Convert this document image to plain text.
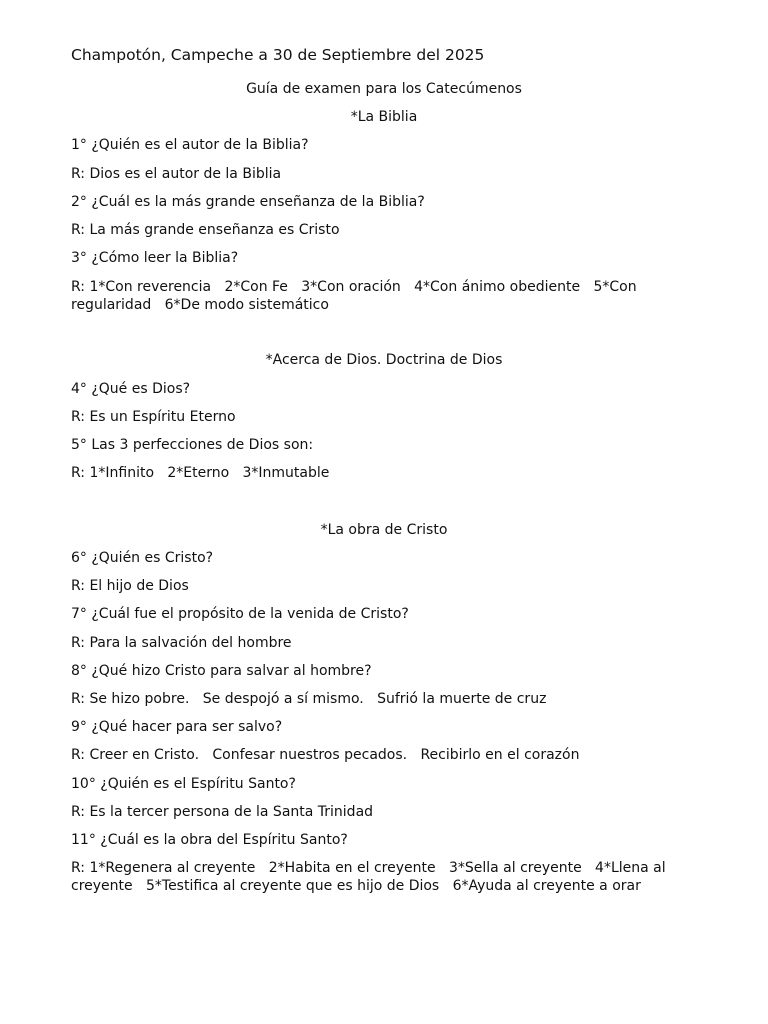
Champotón, Campeche a 30 de Septiembre del 2025
Guía de examen para los Catecúmenos
*La Biblia
1° ¿Quién es el autor de la Biblia?
R: Dios es el autor de la Biblia
2° ¿Cuál es la más grande enseñanza de la Biblia?
R: La más grande enseñanza es Cristo
3° ¿Cómo leer la Biblia?
R: 1*Con reverencia   2*Con Fe   3*Con oración   4*Con ánimo obediente   5*Con regularidad   6*De modo sistemático
*Acerca de Dios. Doctrina de Dios
4° ¿Qué es Dios?
R: Es un Espíritu Eterno
5° Las 3 perfecciones de Dios son:
R: 1*Infinito   2*Eterno   3*Inmutable
*La obra de Cristo
6° ¿Quién es Cristo?
R: El hijo de Dios
7° ¿Cuál fue el propósito de la venida de Cristo?
R: Para la salvación del hombre
8° ¿Qué hizo Cristo para salvar al hombre?
R: Se hizo pobre.   Se despojó a sí mismo.   Sufrió la muerte de cruz
9° ¿Qué hacer para ser salvo?
R: Creer en Cristo.   Confesar nuestros pecados.   Recibirlo en el corazón
10° ¿Quién es el Espíritu Santo?
R: Es la tercer persona de la Santa Trinidad
11° ¿Cuál es la obra del Espíritu Santo?
R: 1*Regenera al creyente   2*Habita en el creyente   3*Sella al creyente   4*Llena al creyente   5*Testifica al creyente que es hijo de Dios   6*Ayuda al creyente a orar
